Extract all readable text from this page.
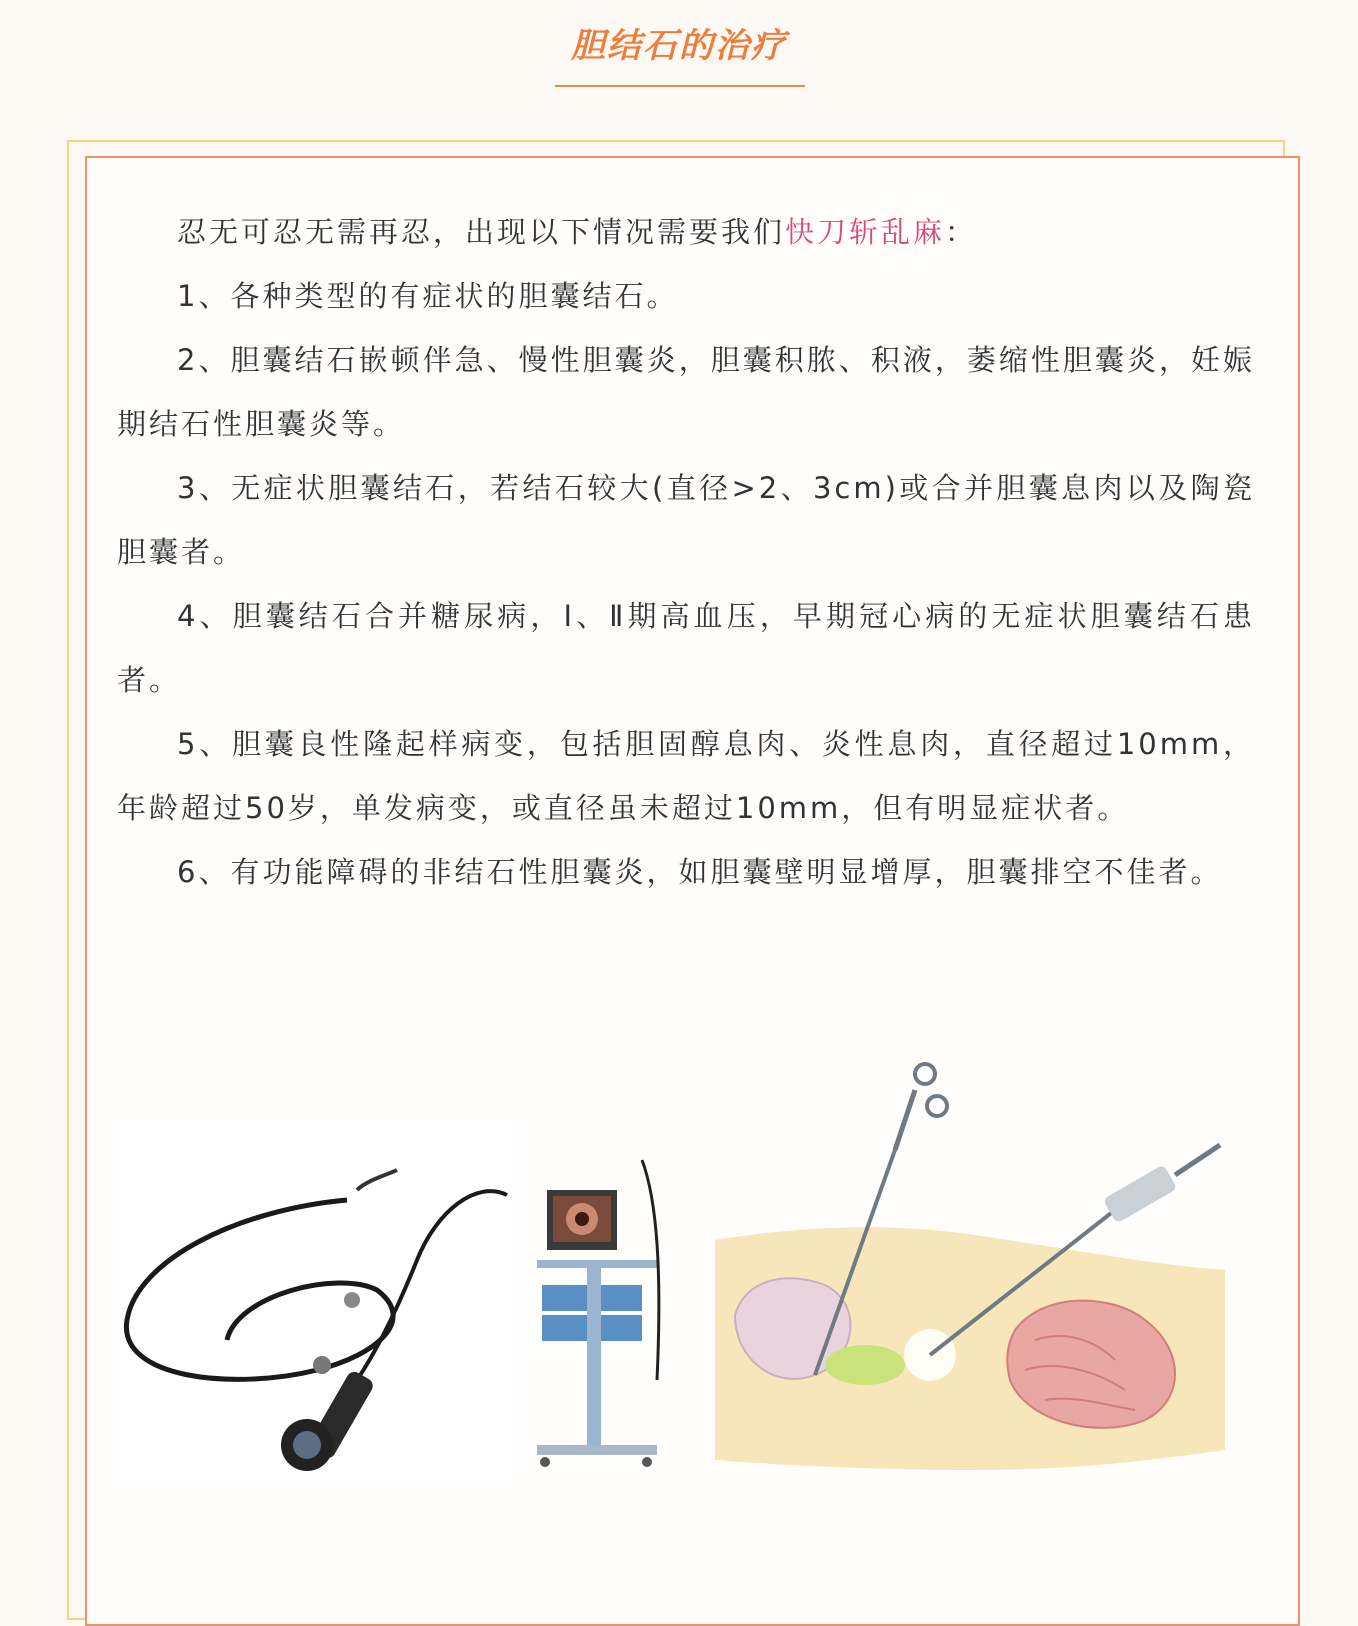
胆结石的治疗

忍无可忍无需再忍，出现以下情况需要我们快刀斩乱麻：

1、各种类型的有症状的胆囊结石。

2、胆囊结石嵌顿伴急、慢性胆囊炎，胆囊积脓、积液，萎缩性胆囊炎，妊娠期结石性胆囊炎等。

3、无症状胆囊结石，若结石较大(直径>2、3cm)或合并胆囊息肉以及陶瓷胆囊者。

4、胆囊结石合并糖尿病，Ⅰ、Ⅱ期高血压，早期冠心病的无症状胆囊结石患者。

5、胆囊良性隆起样病变，包括胆固醇息肉、炎性息肉，直径超过10mm，年龄超过50岁，单发病变，或直径虽未超过10mm，但有明显症状者。

6、有功能障碍的非结石性胆囊炎，如胆囊壁明显增厚，胆囊排空不佳者。
